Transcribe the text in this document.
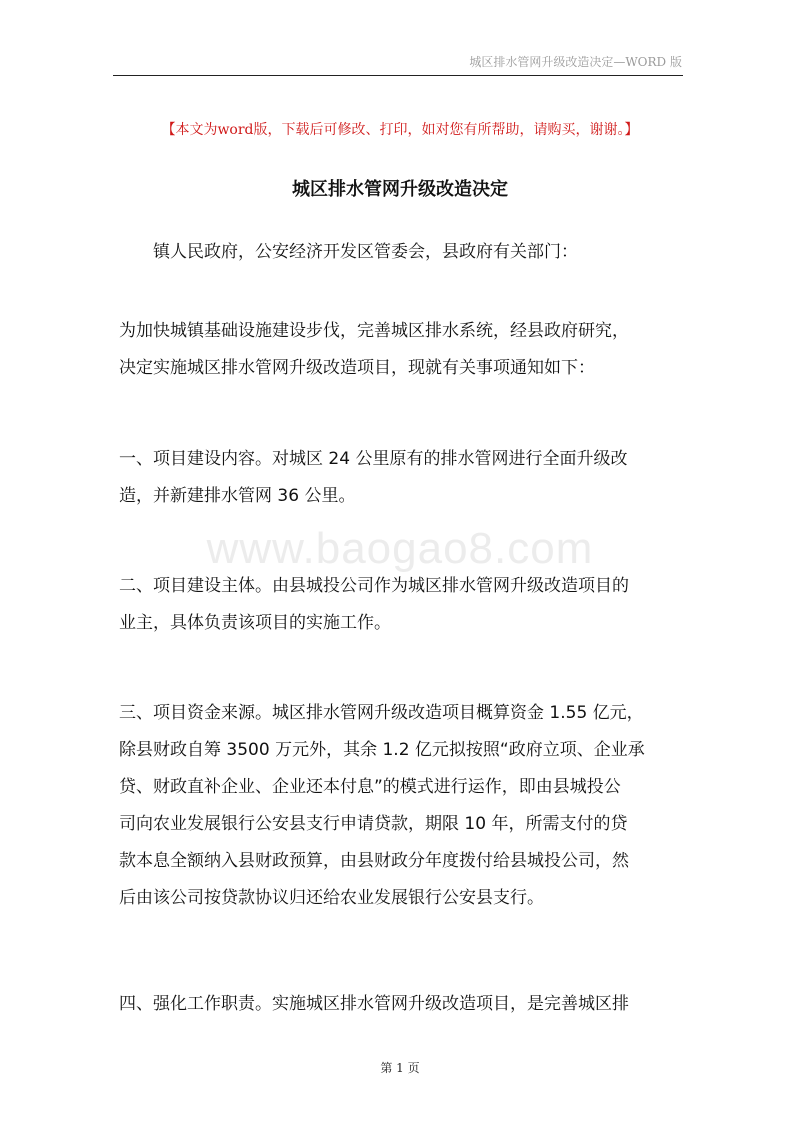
城区排水管网升级改造决定—WORD 版
【本文为word版，下载后可修改、打印，如对您有所帮助，请购买，谢谢。】
城区排水管网升级改造决定
镇人民政府，公安经济开发区管委会，县政府有关部门：
为加快城镇基础设施建设步伐，完善城区排水系统，经县政府研究，
决定实施城区排水管网升级改造项目，现就有关事项通知如下：
一、项目建设内容。对城区 24 公里原有的排水管网进行全面升级改
造，并新建排水管网 36 公里。
www.baogao8.com
二、项目建设主体。由县城投公司作为城区排水管网升级改造项目的
业主，具体负责该项目的实施工作。
三、项目资金来源。城区排水管网升级改造项目概算资金 1.55 亿元，
除县财政自筹 3500 万元外，其余 1.2 亿元拟按照“政府立项、企业承
贷、财政直补企业、企业还本付息”的模式进行运作，即由县城投公
司向农业发展银行公安县支行申请贷款，期限 10 年，所需支付的贷
款本息全额纳入县财政预算，由县财政分年度拨付给县城投公司，然
后由该公司按贷款协议归还给农业发展银行公安县支行。
四、强化工作职责。实施城区排水管网升级改造项目，是完善城区排
第 1 页
